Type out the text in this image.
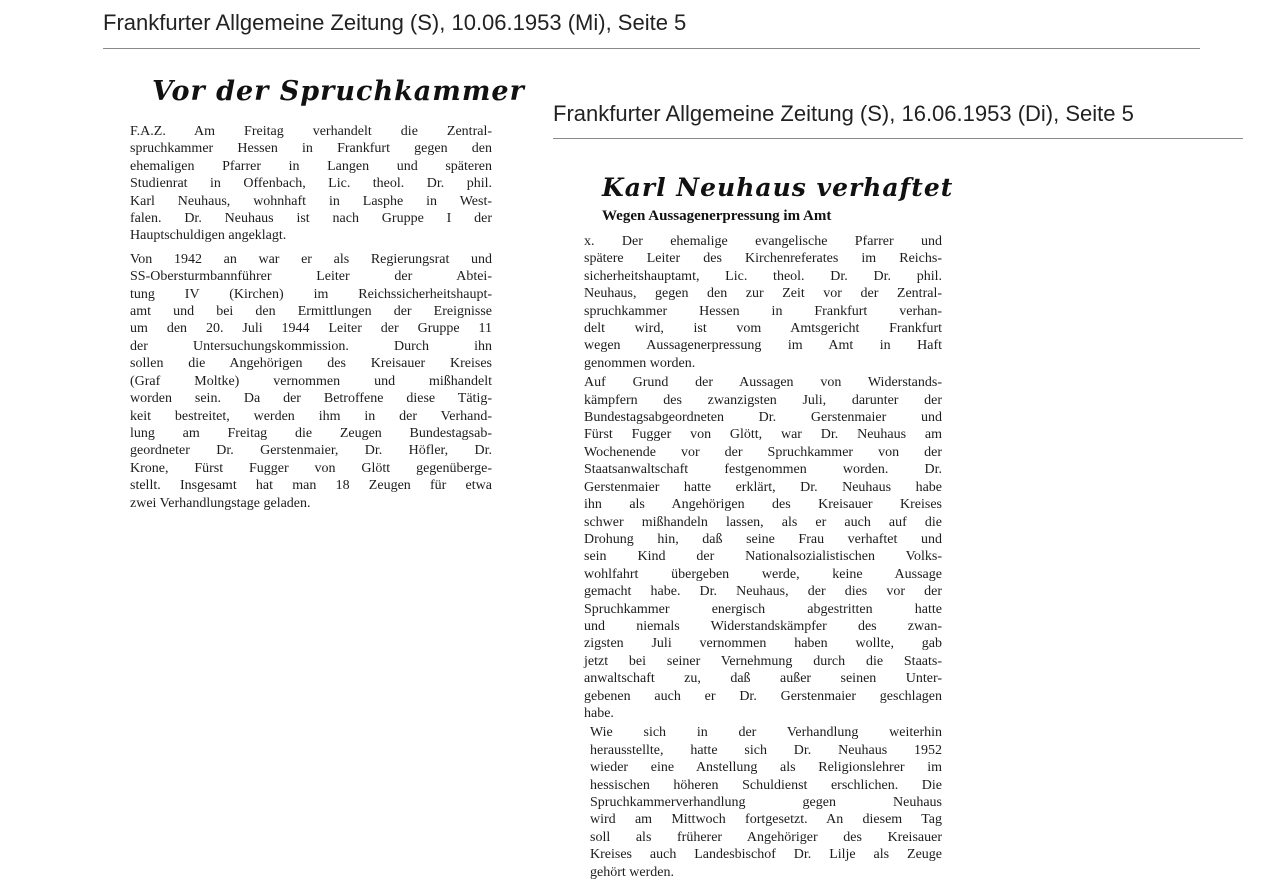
Frankfurter Allgemeine Zeitung (S), 10.06.1953 (Mi), Seite 5
Vor der Spruchkammer

F.A.Z. Am Freitag verhandelt die Zentral-
spruchkammer Hessen in Frankfurt gegen den
ehemaligen Pfarrer in Langen und späteren
Studienrat in Offenbach, Lic. theol. Dr. phil.
Karl Neuhaus, wohnhaft in Lasphe in West-
falen. Dr. Neuhaus ist nach Gruppe I der
Hauptschuldigen angeklagt.

Von 1942 an war er als Regierungsrat und
SS-Obersturmbannführer Leiter der Abtei-
tung IV (Kirchen) im Reichssicherheitshaupt-
amt und bei den Ermittlungen der Ereignisse
um den 20. Juli 1944 Leiter der Gruppe 11
der Untersuchungskommission. Durch ihn
sollen die Angehörigen des Kreisauer Kreises
(Graf Moltke) vernommen und mißhandelt
worden sein. Da der Betroffene diese Tätig-
keit bestreitet, werden ihm in der Verhand-
lung am Freitag die Zeugen Bundestagsab-
geordneter Dr. Gerstenmaier, Dr. Höfler, Dr.
Krone, Fürst Fugger von Glött gegenübergе-
stellt. Insgesamt hat man 18 Zeugen für etwa
zwei Verhandlungstage geladen.

Frankfurter Allgemeine Zeitung (S), 16.06.1953 (Di), Seite 5
Karl Neuhaus verhaftet
Wegen Aussagenerpressung im Amt

x. Der ehemalige evangelische Pfarrer und
spätere Leiter des Kirchenreferates im Reichs-
sicherheitshauptamt, Lic. theol. Dr. Dr. phil.
Neuhaus, gegen den zur Zeit vor der Zentral-
spruchkammer Hessen in Frankfurt verhan-
delt wird, ist vom Amtsgericht Frankfurt
wegen Aussagenerpressung im Amt in Haft
genommen worden.

Auf Grund der Aussagen von Widerstands-
kämpfern des zwanzigsten Juli, darunter der
Bundestagsabgeordneten Dr. Gerstenmaier und
Fürst Fugger von Glött, war Dr. Neuhaus am
Wochenende vor der Spruchkammer von der
Staatsanwaltschaft festgenommen worden. Dr.
Gerstenmaier hatte erklärt, Dr. Neuhaus habe
ihn als Angehörigen des Kreisauer Kreises
schwer mißhandeln lassen, als er auch auf die
Drohung hin, daß seine Frau verhaftet und
sein Kind der Nationalsozialistischen Volks-
wohlfahrt übergeben werde, keine Aussage
gemacht habe. Dr. Neuhaus, der dies vor der
Spruchkammer energisch abgestritten hatte
und niemals Widerstandskämpfer des zwan-
zigsten Juli vernommen haben wollte, gab
jetzt bei seiner Vernehmung durch die Staats-
anwaltschaft zu, daß außer seinen Unter-
gebenen auch er Dr. Gerstenmaier geschlagen
habe.

Wie sich in der Verhandlung weiterhin
herausstellte, hatte sich Dr. Neuhaus 1952
wieder eine Anstellung als Religionslehrer im
hessischen höheren Schuldienst erschlichen. Die
Spruchkammerverhandlung gegen Neuhaus
wird am Mittwoch fortgesetzt. An diesem Tag
soll als früherer Angehöriger des Kreisauer
Kreises auch Landesbischof Dr. Lilje als Zeuge
gehört werden.
